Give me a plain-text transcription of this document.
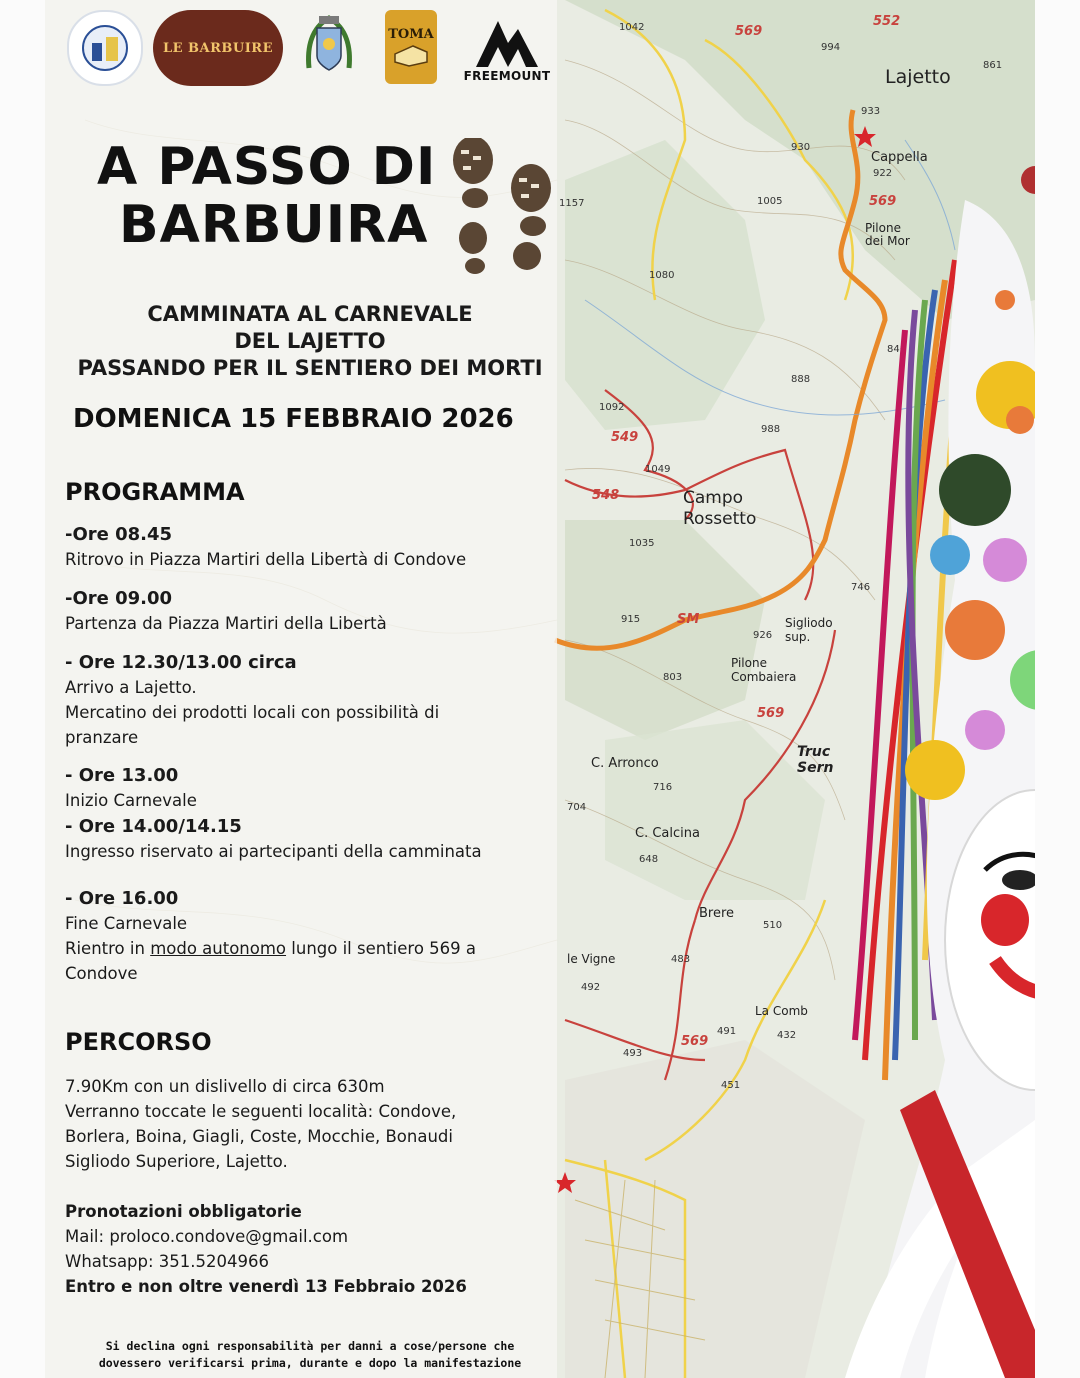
Lajetto
Cappella
Pilone
dei Mor
Campo
Rossetto
Sigliodo
sup.
Pilone
Combaiera
Truc
Sern
C. Arronco
C. Calcina
Brere
le Vigne
La Comb
552
569
569
549
548
SM
569
569
1042
994
861
933
930
922
1005
1080
1157
840
888
1092
988
1049
1035
915
926
746
803
716
704
648
510
483
492
491
493
451
432
LE BARBUIRE
TOMA
FREEMOUNT
A PASSO DI
BARBUIRA
CAMMINATA AL CARNEVALE
DEL LAJETTO
PASSANDO PER IL SENTIERO DEI MORTI
DOMENICA 15 FEBBRAIO 2026
PROGRAMMA
-Ore 08.45
Ritrovo in Piazza Martiri della Libertà di Condove
-Ore 09.00
Partenza da Piazza Martiri della Libertà
- Ore 12.30/13.00 circa
Arrivo a Lajetto.
Mercatino dei prodotti locali con possibilità di
pranzare
- Ore 13.00
Inizio Carnevale
- Ore 14.00/14.15
Ingresso riservato ai partecipanti della camminata
- Ore 16.00
Fine Carnevale
Rientro in modo autonomo lungo il sentiero 569 a
Condove
PERCORSO
7.90Km con un dislivello di circa 630m
Verranno toccate le seguenti località: Condove,
Borlera, Boina, Giagli, Coste, Mocchie, Bonaudi
Sigliodo Superiore, Lajetto.
Pronotazioni obbligatorie
Mail: proloco.condove@gmail.com
Whatsapp: 351.5204966
Entro e non oltre venerdì 13 Febbraio 2026
Si declina ogni responsabilità per danni a cose/persone che
dovessero verificarsi prima, durante e dopo la manifestazione
